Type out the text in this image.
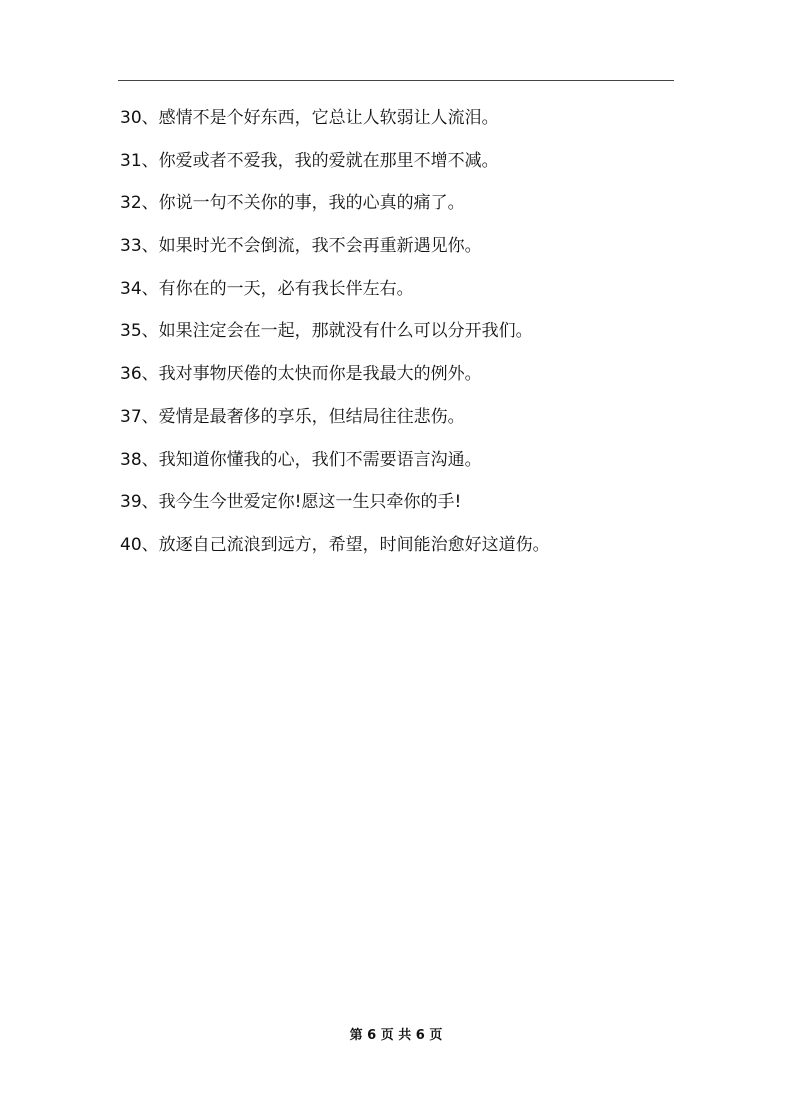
30、感情不是个好东西，它总让人软弱让人流泪。
31、你爱或者不爱我，我的爱就在那里不增不减。
32、你说一句不关你的事，我的心真的痛了。
33、如果时光不会倒流，我不会再重新遇见你。
34、有你在的一天，必有我长伴左右。
35、如果注定会在一起，那就没有什么可以分开我们。
36、我对事物厌倦的太快而你是我最大的例外。
37、爱情是最奢侈的享乐，但结局往往悲伤。
38、我知道你懂我的心，我们不需要语言沟通。
39、我今生今世爱定你!愿这一生只牵你的手!
40、放逐自己流浪到远方，希望，时间能治愈好这道伤。
第 6 页 共 6 页
